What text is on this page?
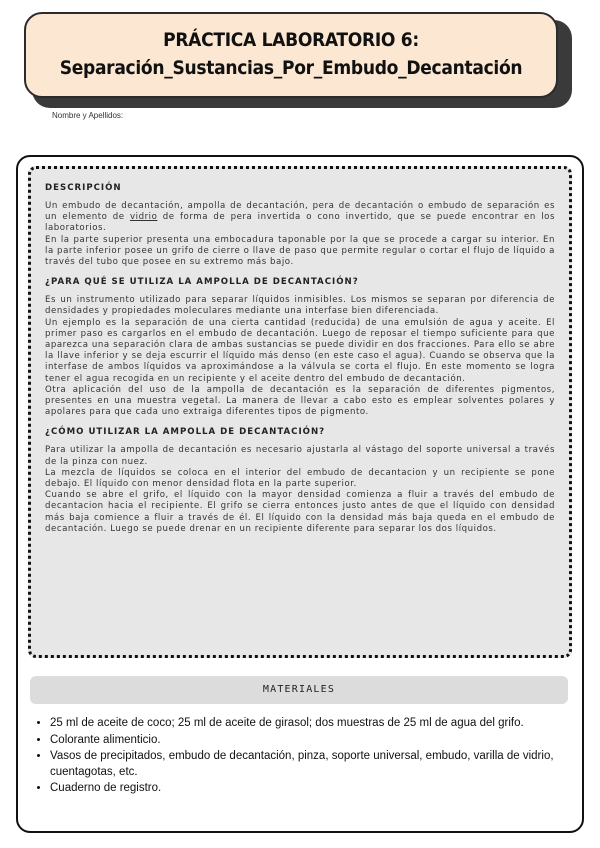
PRÁCTICA LABORATORIO 6:
Separación_Sustancias_Por_Embudo_Decantación
Nombre y Apellidos:
DESCRIPCIÓN

Un embudo de decantación, ampolla de decantación, pera de decantación o embudo de separación es un elemento de vidrio de forma de pera invertida o cono invertido, que se puede encontrar en los laboratorios.

En la parte superior presenta una embocadura taponable por la que se procede a cargar su interior. En la parte inferior posee un grifo de cierre o llave de paso que permite regular o cortar el flujo de líquido a través del tubo que posee en su extremo más bajo.

¿PARA QUÉ SE UTILIZA LA AMPOLLA DE DECANTACIÓN?

Es un instrumento utilizado para separar líquidos inmisibles. Los mismos se separan por diferencia de densidades y propiedades moleculares mediante una interfase bien diferenciada.

Un ejemplo es la separación de una cierta cantidad (reducida) de una emulsión de agua y aceite. El primer paso es cargarlos en el embudo de decantación. Luego de reposar el tiempo suficiente para que aparezca una separación clara de ambas sustancias se puede dividir en dos fracciones. Para ello se abre la llave inferior y se deja escurrir el líquido más denso (en este caso el agua). Cuando se observa que la interfase de ambos líquidos va aproximándose a la válvula se corta el flujo. En este momento se logra tener el agua recogida en un recipiente y el aceite dentro del embudo de decantación.

Otra aplicación del uso de la ampolla de decantación es la separación de diferentes pigmentos, presentes en una muestra vegetal. La manera de llevar a cabo esto es emplear solventes polares y apolares para que cada uno extraiga diferentes tipos de pigmento.

¿CÓMO UTILIZAR LA AMPOLLA DE DECANTACIÓN?

Para utilizar la ampolla de decantación es necesario ajustarla al vástago del soporte universal a través de la pinza con nuez.

La mezcla de líquidos se coloca en el interior del embudo de decantacion y un recipiente se pone debajo. El líquido con menor densidad flota en la parte superior.

Cuando se abre el grifo, el líquido con la mayor densidad comienza a fluir a través del embudo de decantacion hacia el recipiente. El grifo se cierra entonces justo antes de que el líquido con densidad más baja comience a fluir a través de él. El líquido con la densidad más baja queda en el embudo de decantación. Luego se puede drenar en un recipiente diferente para separar los dos líquidos.

MATERIALES
• 25 ml de aceite de coco; 25 ml de aceite de girasol; dos muestras de 25 ml de agua del grifo.
• Colorante alimenticio.
• Vasos de precipitados, embudo de decantación, pinza, soporte universal, embudo, varilla de vidrio, cuentagotas, etc.
• Cuaderno de registro.
